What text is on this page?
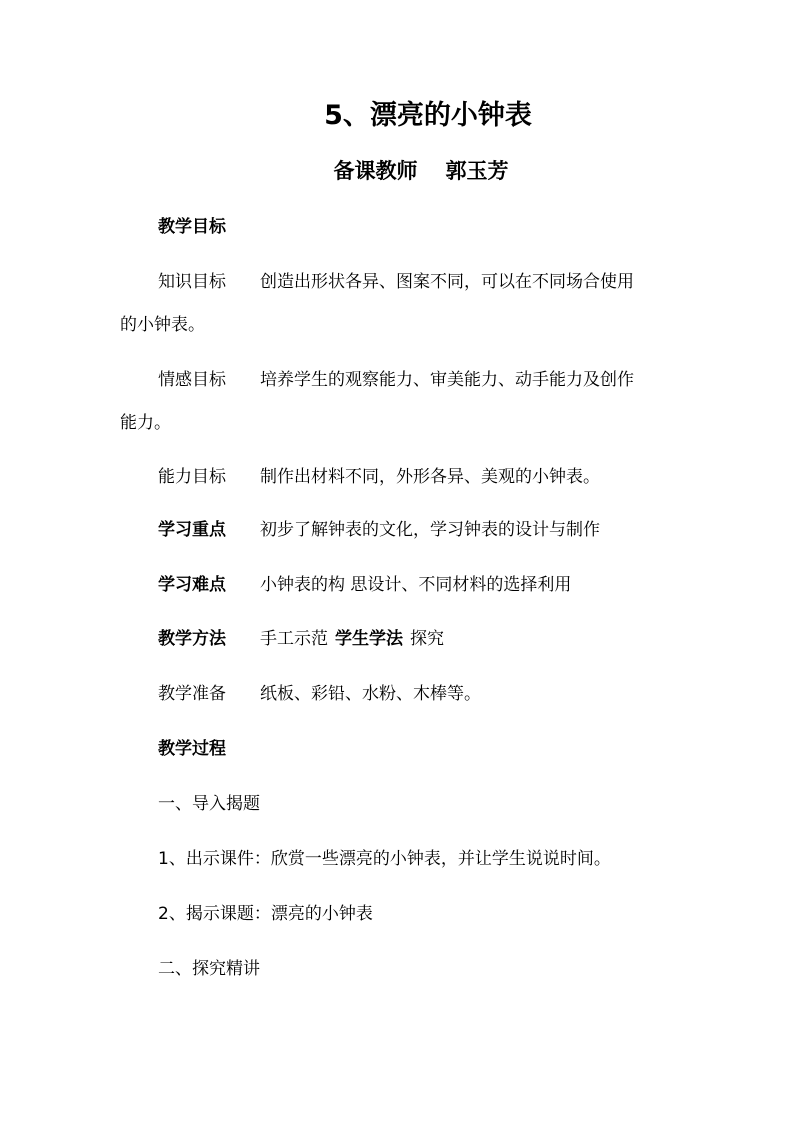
5、漂亮的小钟表
备课教师 郭玉芳
教学目标
知识目标 创造出形状各异、图案不同，可以在不同场合使用
的小钟表。
情感目标 培养学生的观察能力、审美能力、动手能力及创作
能力。
能力目标 制作出材料不同，外形各异、美观的小钟表。
学习重点 初步了解钟表的文化，学习钟表的设计与制作
学习难点 小钟表的构 思设计、不同材料的选择利用
教学方法 手工示范 学生学法 探究
教学准备 纸板、彩铅、水粉、木棒等。
教学过程
一、导入揭题
1、出示课件：欣赏一些漂亮的小钟表，并让学生说说时间。
2、揭示课题：漂亮的小钟表
二、探究精讲
